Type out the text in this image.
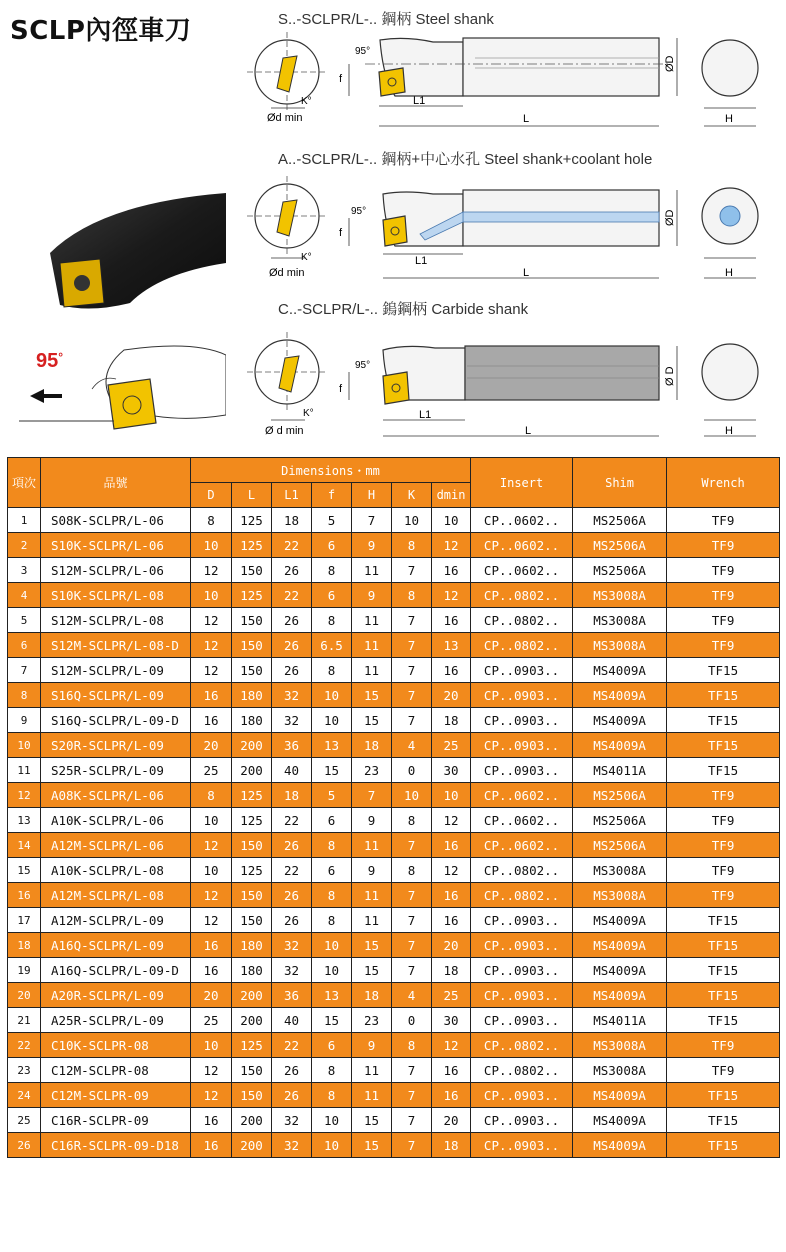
SCLP內徑車刀	S..-SCLPR/L-.. 鋼柄 Steel shank
Ød min
K°
95°
f
L1
L
ØD
H
A..-SCLPR/L-.. 鋼柄+中心水孔 Steel shank+coolant hole
Ød min
K°
95°
f
L1
L
ØD
H
C..-SCLPR/L-.. 鎢鋼柄 Carbide shank
95°
Ø d min
K°
95°
f
L1
L
Ø D
H
項次	品號	Dimensions・mm							Insert	Shim	Wrench
		D	L	L1	f	H	K	dmin			
1	S08K-SCLPR/L-06	8	125	18	5	7	10	10	CP..0602..	MS2506A	TF9
2	S10K-SCLPR/L-06	10	125	22	6	9	8	12	CP..0602..	MS2506A	TF9
3	S12M-SCLPR/L-06	12	150	26	8	11	7	16	CP..0602..	MS2506A	TF9
4	S10K-SCLPR/L-08	10	125	22	6	9	8	12	CP..0802..	MS3008A	TF9
5	S12M-SCLPR/L-08	12	150	26	8	11	7	16	CP..0802..	MS3008A	TF9
6	S12M-SCLPR/L-08-D	12	150	26	6.5	11	7	13	CP..0802..	MS3008A	TF9
7	S12M-SCLPR/L-09	12	150	26	8	11	7	16	CP..0903..	MS4009A	TF15
8	S16Q-SCLPR/L-09	16	180	32	10	15	7	20	CP..0903..	MS4009A	TF15
9	S16Q-SCLPR/L-09-D	16	180	32	10	15	7	18	CP..0903..	MS4009A	TF15
10	S20R-SCLPR/L-09	20	200	36	13	18	4	25	CP..0903..	MS4009A	TF15
11	S25R-SCLPR/L-09	25	200	40	15	23	0	30	CP..0903..	MS4011A	TF15
12	A08K-SCLPR/L-06	8	125	18	5	7	10	10	CP..0602..	MS2506A	TF9
13	A10K-SCLPR/L-06	10	125	22	6	9	8	12	CP..0602..	MS2506A	TF9
14	A12M-SCLPR/L-06	12	150	26	8	11	7	16	CP..0602..	MS2506A	TF9
15	A10K-SCLPR/L-08	10	125	22	6	9	8	12	CP..0802..	MS3008A	TF9
16	A12M-SCLPR/L-08	12	150	26	8	11	7	16	CP..0802..	MS3008A	TF9
17	A12M-SCLPR/L-09	12	150	26	8	11	7	16	CP..0903..	MS4009A	TF15
18	A16Q-SCLPR/L-09	16	180	32	10	15	7	20	CP..0903..	MS4009A	TF15
19	A16Q-SCLPR/L-09-D	16	180	32	10	15	7	18	CP..0903..	MS4009A	TF15
20	A20R-SCLPR/L-09	20	200	36	13	18	4	25	CP..0903..	MS4009A	TF15
21	A25R-SCLPR/L-09	25	200	40	15	23	0	30	CP..0903..	MS4011A	TF15
22	C10K-SCLPR-08	10	125	22	6	9	8	12	CP..0802..	MS3008A	TF9
23	C12M-SCLPR-08	12	150	26	8	11	7	16	CP..0802..	MS3008A	TF9
24	C12M-SCLPR-09	12	150	26	8	11	7	16	CP..0903..	MS4009A	TF15
25	C16R-SCLPR-09	16	200	32	10	15	7	20	CP..0903..	MS4009A	TF15
26	C16R-SCLPR-09-D18	16	200	32	10	15	7	18	CP..0903..	MS4009A	TF15
